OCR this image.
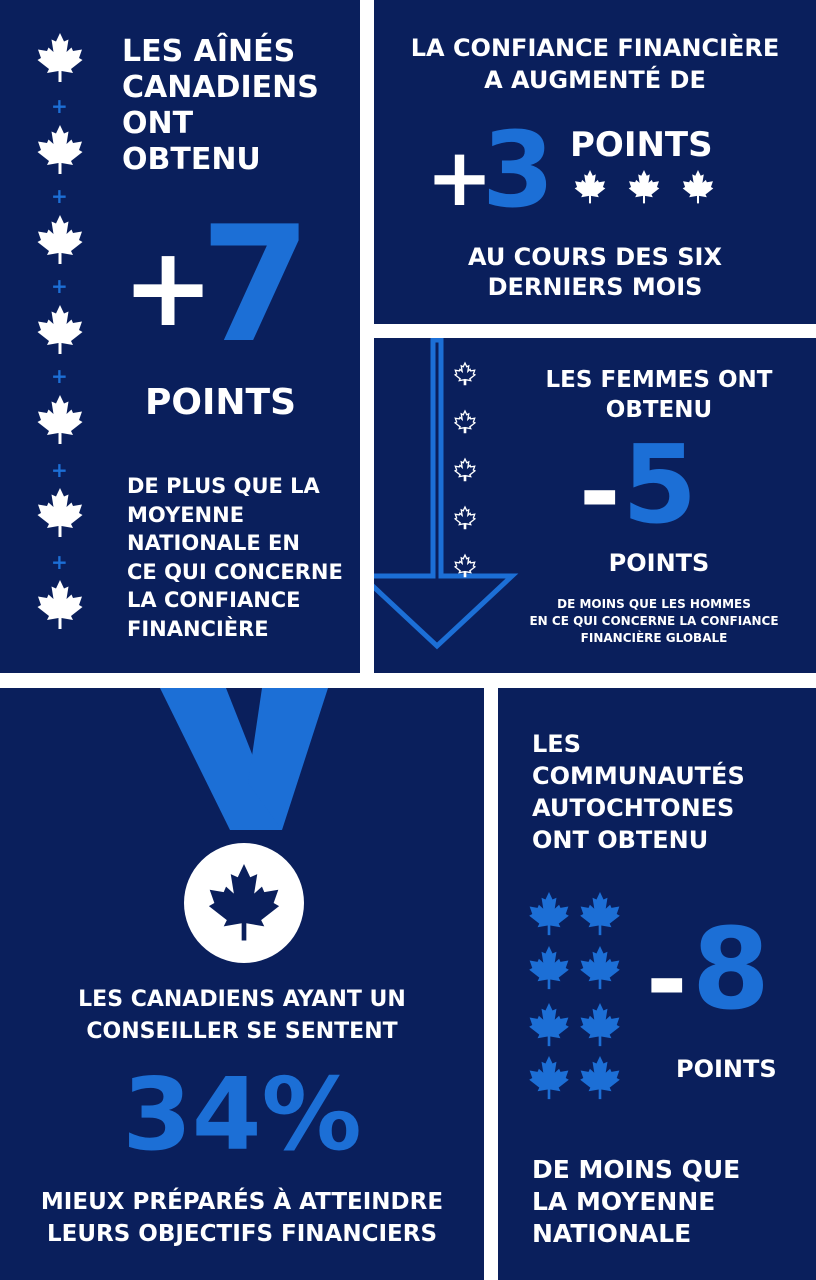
+
+
+
+
+
+
LES AÎNÉS
CANADIENS
ONT
OBTENU
+
7
POINTS
DE PLUS QUE LA
MOYENNE
NATIONALE EN
CE QUI CONCERNE
LA CONFIANCE
FINANCIÈRE
LA CONFIANCE FINANCIÈRE
A AUGMENTÉ DE
+
3 POINTS
AU COURS DES SIX
DERNIERS MOIS
LES FEMMES ONT
OBTENU
- 5
POINTS
DE MOINS QUE LES HOMMES
EN CE QUI CONCERNE LA CONFIANCE
FINANCIÈRE GLOBALE
LES CANADIENS AYANT UN
CONSEILLER SE SENTENT
34%
MIEUX PRÉPARÉS À ATTEINDRE
LEURS OBJECTIFS FINANCIERS
LES
COMMUNAUTÉS
AUTOCHTONES
ONT OBTENU
- 8
POINTS
DE MOINS QUE
LA MOYENNE
NATIONALE
